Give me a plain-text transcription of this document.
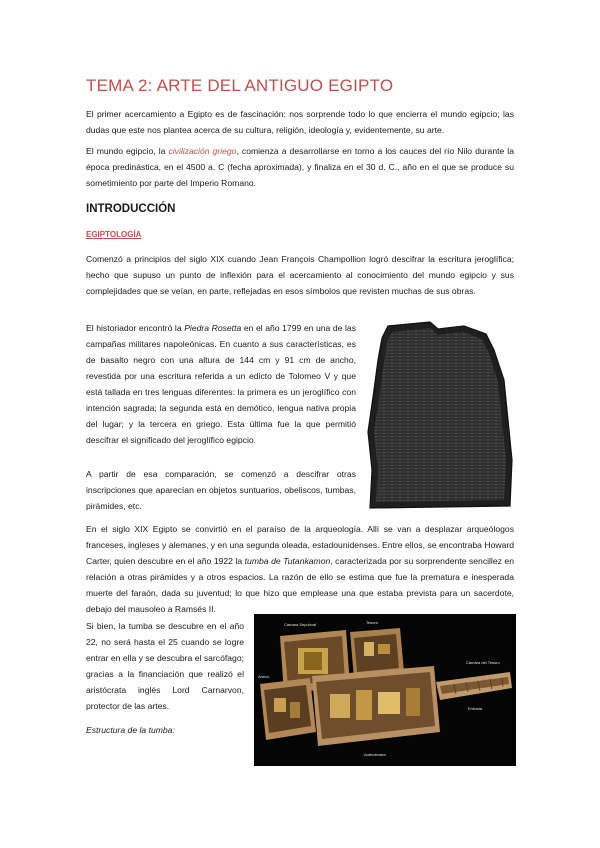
TEMA 2: ARTE DEL ANTIGUO EGIPTO

El primer acercamiento a Egipto es de fascinación: nos sorprende todo lo que encierra el mundo egipcio; las dudas que este nos plantea acerca de su cultura, religión, ideología y, evidentemente, su arte.

El mundo egipcio, la civilización griego, comienza a desarrollarse en torno a los cauces del río Nilo durante la época predinástica, en el 4500 a. C (fecha aproximada), y finaliza en el 30 d. C., año en el que se produce su sometimiento por parte del Imperio Romano.

INTRODUCCIÓN
EGIPTOLOGÍA

Comenzó a principios del siglo XIX cuando Jean François Champollion logró descifrar la escritura jeroglífica; hecho que supuso un punto de inflexión para el acercamiento al conocimiento del mundo egipcio y sus complejidades que se veían, en parte, reflejadas en esos símbolos que revisten muchas de sus obras.

El historiador encontró la Piedra Rosetta en el año 1799 en una de las campañas militares napoleónicas. En cuanto a sus características, es de basalto negro con una altura de 144 cm y 91 cm de ancho, revestida por una escritura referida a un edicto de Tolomeo V y que está tallada en tres lenguas diferentes: la primera es un jeroglífico con intención sagrada; la segunda está en demótico, lengua nativa propia del lugar; y la tercera en griego. Esta última fue la que permitió descifrar el significado del jeroglífico egipcio.

A partir de esa comparación, se comenzó a descifrar otras inscripciones que aparecían en objetos suntuarios, obeliscos, tumbas, pirámides, etc.

En el siglo XIX Egipto se convirtió en el paraíso de la arqueología. Allí se van a desplazar arqueólogos franceses, ingleses y alemanes, y en una segunda oleada, estadounidenses. Entre ellos, se encontraba Howard Carter, quien descubre en el año 1922 la tumba de Tutankamon, caracterizada por su sorprendente sencillez en relación a otras pirámides y a otros espacios. La razón de ello se estima que fue la prematura e inesperada muerte del faraón, dada su juventud; lo que hizo que emplease una que estaba prevista para un sacerdote, debajo del mausoleo a Ramsés II.

Si bien, la tumba se descubre en el año 22, no será hasta el 25 cuando se logre entrar en ella y se descubra el sarcófago; gracias a la financiación que realizó el aristócrata inglés Lord Carnarvon, protector de las artes.

Estructura de la tumba:
Cámara Sepulcral	Tesoro
Cámara del Tesoro
Antecámara
Anexo
Entrada
